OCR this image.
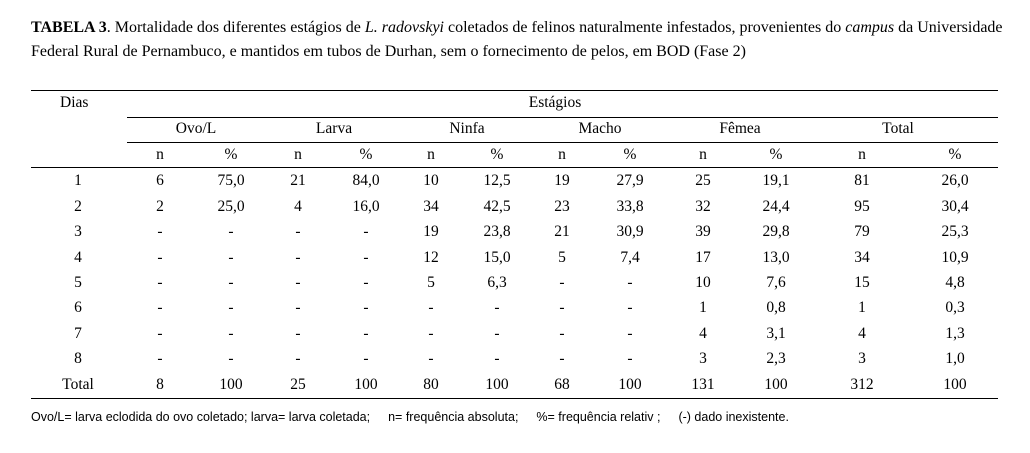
TABELA 3. Mortalidade dos diferentes estágios de L. radovskyi coletados de felinos naturalmente infestados, provenientes do campus da Universidade Federal Rural de Pernambuco, e mantidos em tubos de Durhan, sem o fornecimento de pelos, em BOD (Fase 2)
Dias	Estágios
Ovo/L	Larva	Ninfa	Macho	Fêmea	Total
n	%	n	%	n	%	n	%	n	%	n	%
1	6	75,0	21	84,0	10	12,5	19	27,9	25	19,1	81	26,0
2	2	25,0	4	16,0	34	42,5	23	33,8	32	24,4	95	30,4
3	-	-	-	-	19	23,8	21	30,9	39	29,8	79	25,3
4	-	-	-	-	12	15,0	5	7,4	17	13,0	34	10,9
5	-	-	-	-	5	6,3	-	-	10	7,6	15	4,8
6	-	-	-	-	-	-	-	-	1	0,8	1	0,3
7	-	-	-	-	-	-	-	-	4	3,1	4	1,3
8	-	-	-	-	-	-	-	-	3	2,3	3	1,0
Total	8	100	25	100	80	100	68	100	131	100	312	100
Ovo/L= larva eclodida do ovo coletado; larva= larva coletada; n= frequência absoluta; %= frequência relativ ; (-) dado inexistente.
